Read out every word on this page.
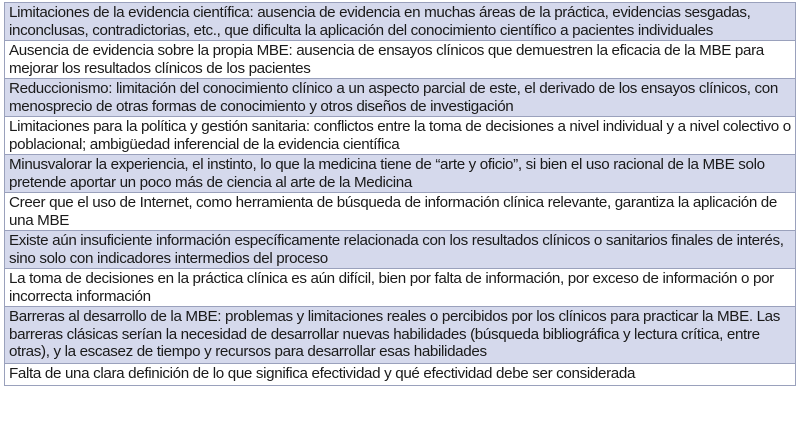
Limitaciones de la evidencia científica: ausencia de evidencia en muchas áreas de la práctica, evidencias sesgadas, inconclusas, contradictorias, etc., que dificulta la aplicación del conocimiento científico a pacientes individuales
Ausencia de evidencia sobre la propia MBE: ausencia de ensayos clínicos que demuestren la eficacia de la MBE para mejorar los resultados clínicos de los pacientes
Reduccionismo: limitación del conocimiento clínico a un aspecto parcial de este, el derivado de los ensayos clínicos, con menosprecio de otras formas de conocimiento y otros diseños de investigación
Limitaciones para la política y gestión sanitaria: conflictos entre la toma de decisiones a nivel individual y a nivel colectivo o poblacional; ambigüedad inferencial de la evidencia científica
Minusvalorar la experiencia, el instinto, lo que la medicina tiene de “arte y oficio”, si bien el uso racional de la MBE solo pretende aportar un poco más de ciencia al arte de la Medicina
Creer que el uso de Internet, como herramienta de búsqueda de información clínica relevante, garantiza la aplicación de una MBE
Existe aún insuficiente información específicamente relacionada con los resultados clínicos o sanitarios finales de interés, sino solo con indicadores intermedios del proceso
La toma de decisiones en la práctica clínica es aún difícil, bien por falta de información, por exceso de información o por incorrecta información
Barreras al desarrollo de la MBE: problemas y limitaciones reales o percibidos por los clínicos para practicar la MBE. Las barreras clásicas serían la necesidad de desarrollar nuevas habilidades (búsqueda bibliográfica y lectura crítica, entre otras), y la escasez de tiempo y recursos para desarrollar esas habilidades
Falta de una clara definición de lo que significa efectividad y qué efectividad debe ser considerada
